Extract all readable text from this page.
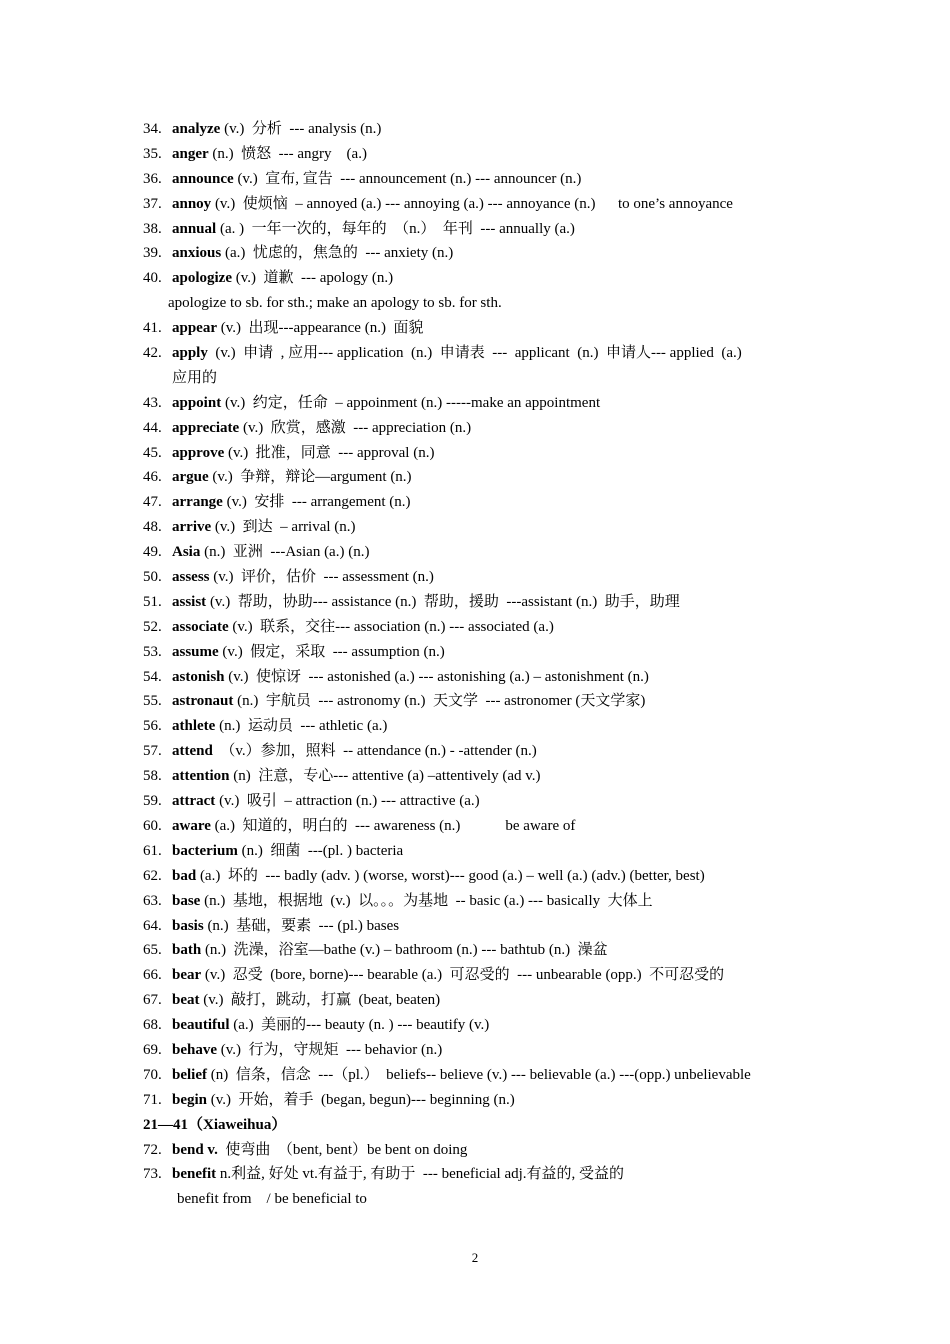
34. analyze (v.)  分析  --- analysis (n.)
35. anger (n.)  愤怒  --- angry    (a.)
36. announce (v.)  宣布, 宣告  --- announcement (n.) --- announcer (n.)
37. annoy (v.)  使烦恼  – annoyed (a.) --- annoying (a.) --- annoyance (n.)      to one’s annoyance
38. annual (a. )  一年一次的，每年的  （n.）  年刊  --- annually (a.)
39. anxious (a.)  忧虑的，焦急的  --- anxiety (n.)
40. apologize (v.)  道歉  --- apology (n.)
apologize to sb. for sth.; make an apology to sb. for sth.
41. appear (v.)  出现---appearance (n.)  面貌
42. apply  (v.)  申请  , 应用--- application  (n.)  申请表  ---  applicant  (n.)  申请人--- applied  (a.)
应用的
43. appoint (v.)  约定，任命  – appoinment (n.) -----make an appointment
44. appreciate (v.)  欣赏，感激  --- appreciation (n.)
45. approve (v.)  批准，同意  --- approval (n.)
46. argue (v.)  争辩，辩论—argument (n.)
47. arrange (v.)  安排  --- arrangement (n.)
48. arrive (v.)  到达  – arrival (n.)
49. Asia (n.)  亚洲  ---Asian (a.) (n.)
50. assess (v.)  评价，估价  --- assessment (n.)
51. assist (v.)  帮助，协助--- assistance (n.)  帮助，援助  ---assistant (n.)  助手，助理
52. associate (v.)  联系，交往--- association (n.) --- associated (a.)
53. assume (v.)  假定，采取  --- assumption (n.)
54. astonish (v.)  使惊讶  --- astonished (a.) --- astonishing (a.) – astonishment (n.)
55. astronaut (n.)  宇航员  --- astronomy (n.)  天文学  --- astronomer (天文学家)
56. athlete (n.)  运动员  --- athletic (a.)
57. attend  （v.）参加，照料  -- attendance (n.) - -attender (n.)
58. attention (n)  注意，专心--- attentive (a) –attentively (ad v.)
59. attract (v.)  吸引  – attraction (n.) --- attractive (a.)
60. aware (a.)  知道的，明白的  --- awareness (n.)            be aware of
61. bacterium (n.)  细菌  ---(pl. ) bacteria
62. bad (a.)  坏的  --- badly (adv. ) (worse, worst)--- good (a.) – well (a.) (adv.) (better, best)
63. base (n.)  基地，根据地  (v.)  以。。。为基地  -- basic (a.) --- basically  大体上
64. basis (n.)  基础，要素  --- (pl.) bases
65. bath (n.)  洗澡，浴室—bathe (v.) – bathroom (n.) --- bathtub (n.)  澡盆
66. bear (v.)  忍受  (bore, borne)--- bearable (a.)  可忍受的  --- unbearable (opp.)  不可忍受的
67. beat (v.)  敲打，跳动，打赢  (beat, beaten)
68. beautiful (a.)  美丽的--- beauty (n. ) --- beautify (v.)
69. behave (v.)  行为，守规矩  --- behavior (n.)
70. belief (n)  信条，信念  ---（pl.）  beliefs-- believe (v.) --- believable (a.) ---(opp.) unbelievable
71. begin (v.)  开始，着手  (began, begun)--- beginning (n.)
21—41（Xiaweihua）
72. bend v.  使弯曲  （bent, bent）be bent on doing
73. benefit n.利益, 好处 vt.有益于, 有助于  --- beneficial adj.有益的, 受益的
benefit from    / be beneficial to
2
